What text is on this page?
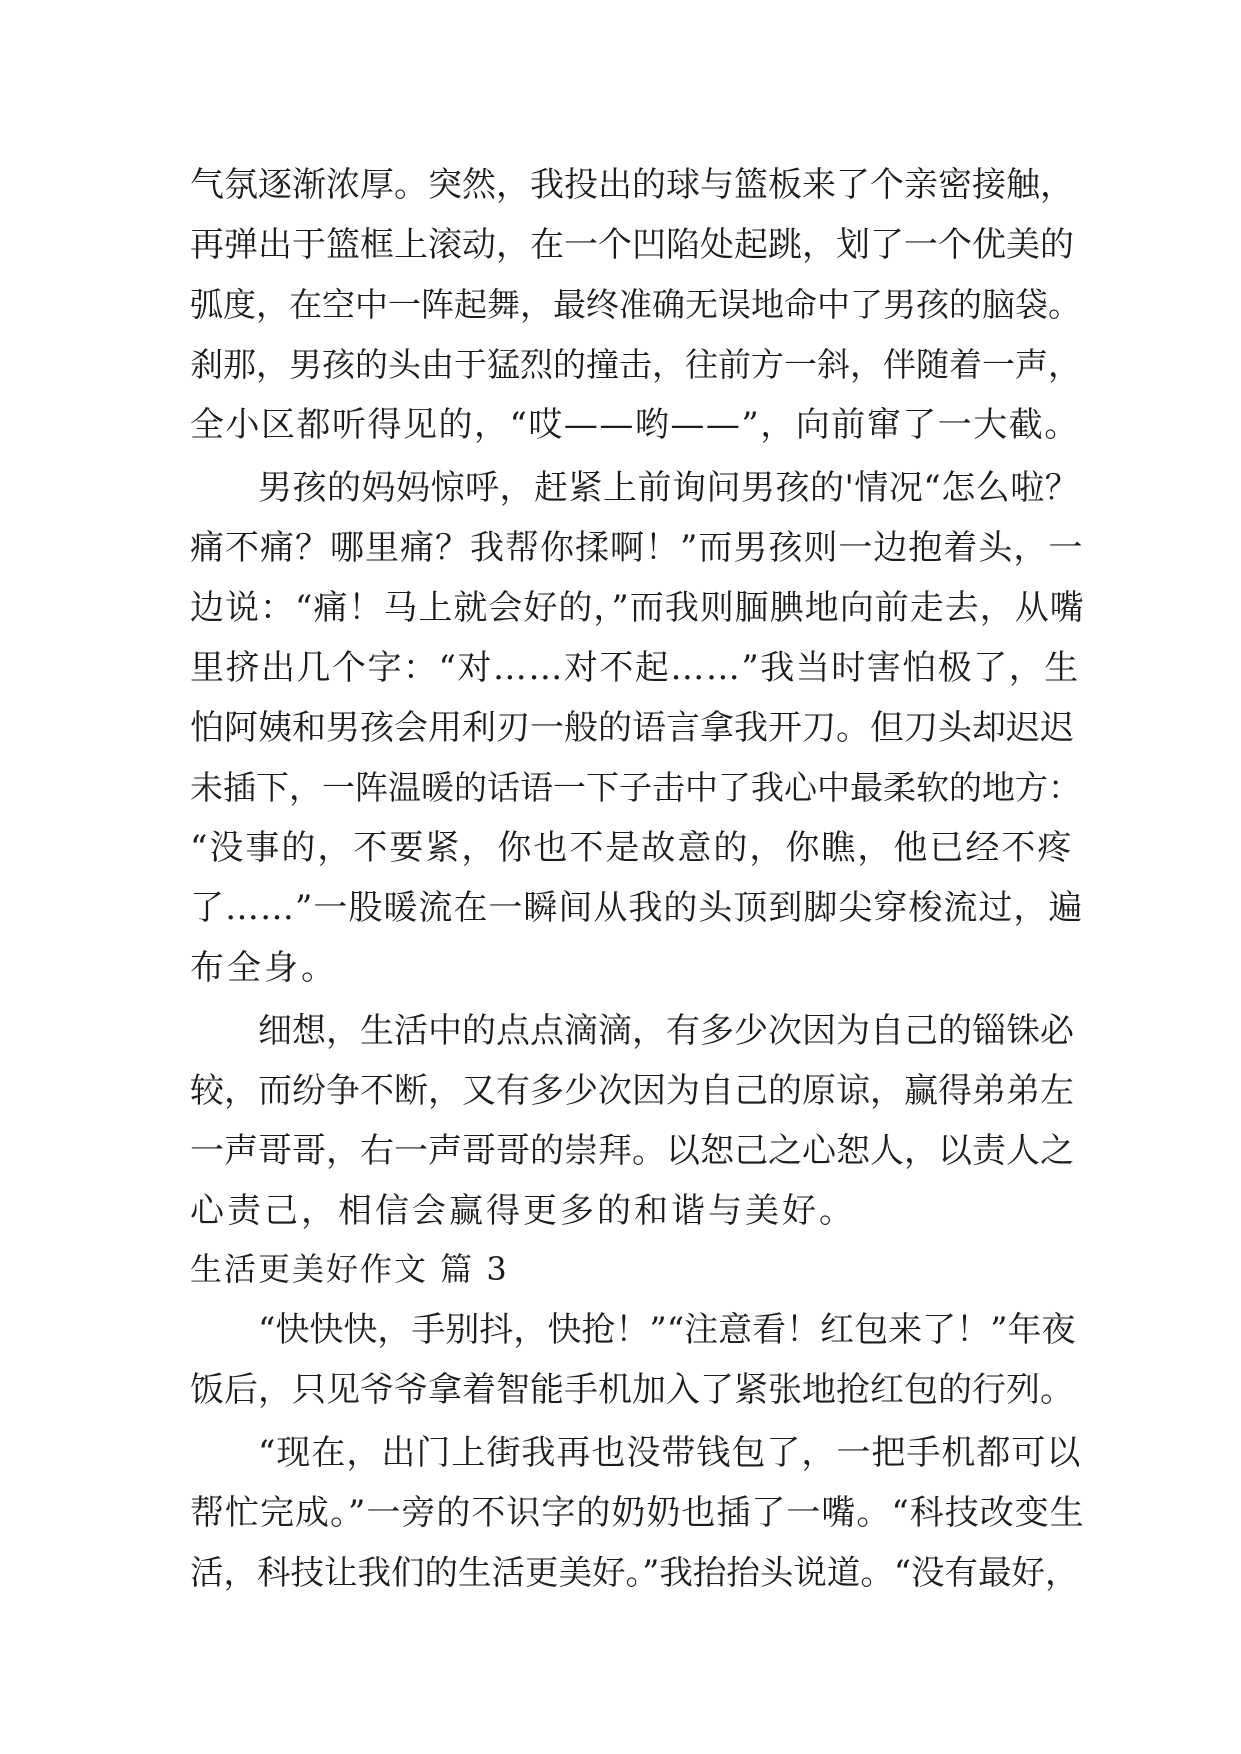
气氛逐渐浓厚。突然，我投出的球与篮板来了个亲密接触，

再弹出于篮框上滚动，在一个凹陷处起跳，划了一个优美的

弧度，在空中一阵起舞，最终准确无误地命中了男孩的脑袋。

刹那，男孩的头由于猛烈的撞击，往前方一斜，伴随着一声，

全小区都听得见的，“哎——哟——”，向前窜了一大截。

男孩的妈妈惊呼，赶紧上前询问男孩的'情况“怎么啦？

痛不痛？哪里痛？我帮你揉啊！”而男孩则一边抱着头，一

边说：“痛！马上就会好的，”而我则腼腆地向前走去，从嘴

里挤出几个字：“对……对不起……”我当时害怕极了，生

怕阿姨和男孩会用利刃一般的语言拿我开刀。但刀头却迟迟

未插下，一阵温暖的话语一下子击中了我心中最柔软的地方：

“没事的，不要紧，你也不是故意的，你瞧，他已经不疼

了……”一股暖流在一瞬间从我的头顶到脚尖穿梭流过，遍

布全身。

细想，生活中的点点滴滴，有多少次因为自己的锱铢必

较，而纷争不断，又有多少次因为自己的原谅，赢得弟弟左

一声哥哥，右一声哥哥的崇拜。以恕己之心恕人，以责人之

心责己，相信会赢得更多的和谐与美好。

生活更美好作文 篇 3

“快快快，手别抖，快抢！”“注意看！红包来了！”年夜

饭后，只见爷爷拿着智能手机加入了紧张地抢红包的行列。

“现在，出门上街我再也没带钱包了，一把手机都可以

帮忙完成。”一旁的不识字的奶奶也插了一嘴。“科技改变生

活，科技让我们的生活更美好。”我抬抬头说道。“没有最好，
